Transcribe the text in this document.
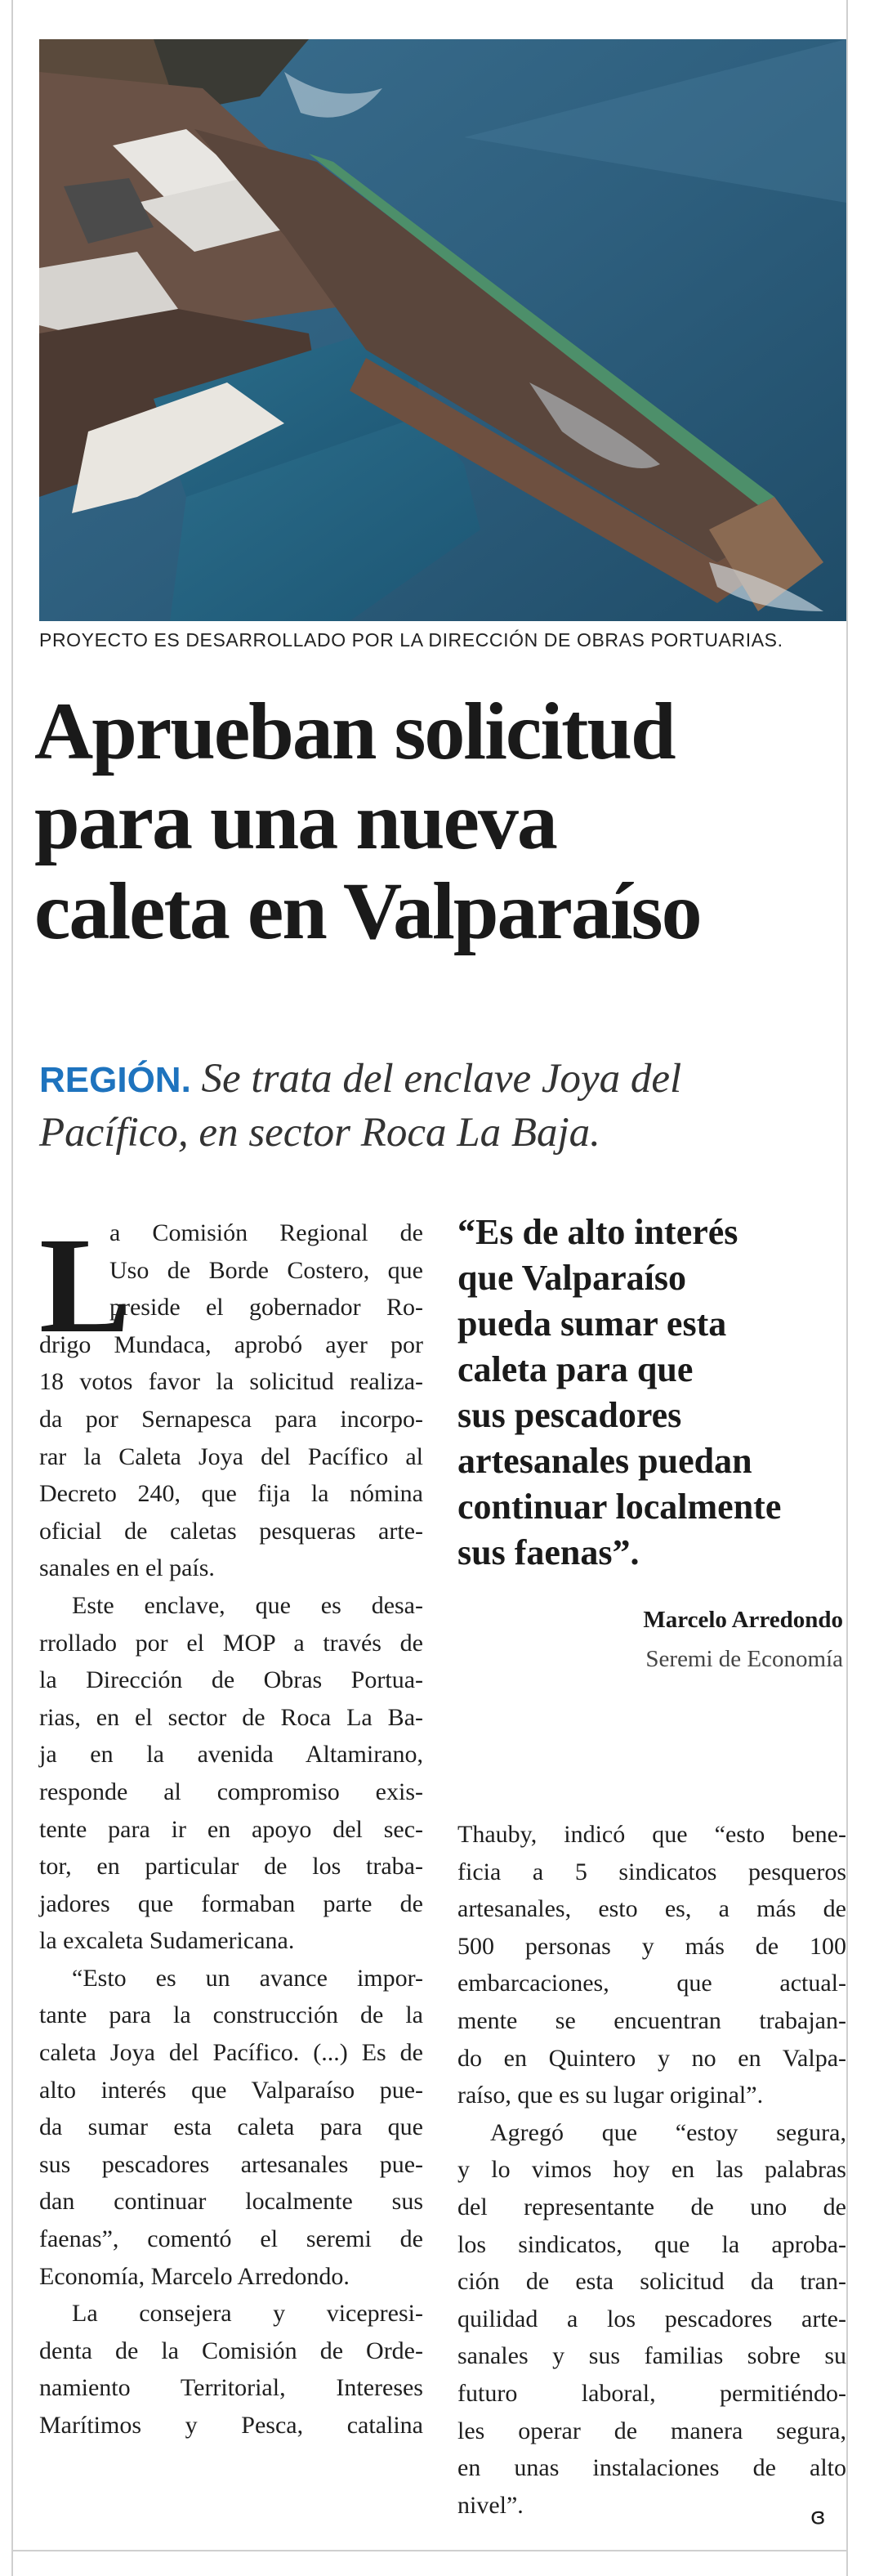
PROYECTO ES DESARROLLADO POR LA DIRECCIÓN DE OBRAS PORTUARIAS.
Aprueban solicitud
para una nueva
caleta en Valparaíso
REGIÓN. Se trata del enclave Joya del
Pacífico, en sector Roca La Baja.
L
a Comisión Regional de
Uso de Borde Costero, que
preside el gobernador Ro-
drigo Mundaca, aprobó ayer por
18 votos favor la solicitud realiza-
da por Sernapesca para incorpo-
rar la Caleta Joya del Pacífico al
Decreto 240, que fija la nómina
oficial de caletas pesqueras arte-
sanales en el país.
Este enclave, que es desa-
rrollado por el MOP a través de
la Dirección de Obras Portua-
rias, en el sector de Roca La Ba-
ja en la avenida Altamirano,
responde al compromiso exis-
tente para ir en apoyo del sec-
tor, en particular de los traba-
jadores que formaban parte de
la excaleta Sudamericana.
“Esto es un avance impor-
tante para la construcción de la
caleta Joya del Pacífico. (...) Es de
alto interés que Valparaíso pue-
da sumar esta caleta para que
sus pescadores artesanales pue-
dan continuar localmente sus
faenas”, comentó el seremi de
Economía, Marcelo Arredondo.
La consejera y vicepresi-
denta de la Comisión de Orde-
namiento Territorial, Intereses
Marítimos y Pesca, catalina
“Es de alto interés
que Valparaíso
pueda sumar esta
caleta para que
sus pescadores
artesanales puedan
continuar localmente
sus faenas”.
Marcelo Arredondo
Seremi de Economía
Thauby, indicó que “esto bene-
ficia a 5 sindicatos pesqueros
artesanales, esto es, a más de
500 personas y más de 100
embarcaciones, que actual-
mente se encuentran trabajan-
do en Quintero y no en Valpa-
raíso, que es su lugar original”.
Agregó que “estoy segura,
y lo vimos hoy en las palabras
del representante de uno de
los sindicatos, que la aproba-
ción de esta solicitud da tran-
quilidad a los pescadores arte-
sanales y sus familias sobre su
futuro laboral, permitiéndo-
les operar de manera segura,
en unas instalaciones de alto
nivel”.	ɞ
